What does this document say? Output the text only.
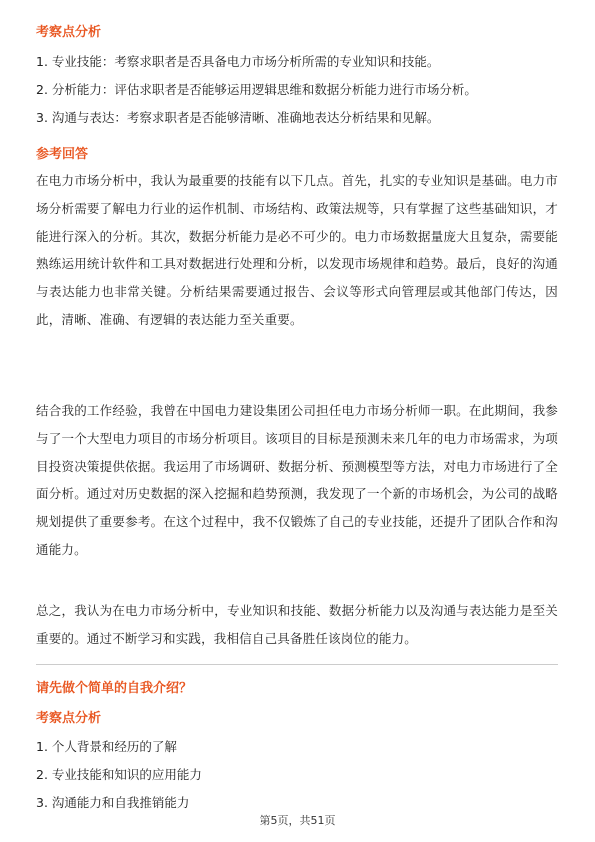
考察点分析
1. 专业技能：考察求职者是否具备电力市场分析所需的专业知识和技能。
2. 分析能力：评估求职者是否能够运用逻辑思维和数据分析能力进行市场分析。
3. 沟通与表达：考察求职者是否能够清晰、准确地表达分析结果和见解。
参考回答
在电力市场分析中，我认为最重要的技能有以下几点。首先，扎实的专业知识是基础。电力市场分析需要了解电力行业的运作机制、市场结构、政策法规等，只有掌握了这些基础知识，才能进行深入的分析。其次，数据分析能力是必不可少的。电力市场数据量庞大且复杂，需要能熟练运用统计软件和工具对数据进行处理和分析，以发现市场规律和趋势。最后，良好的沟通与表达能力也非常关键。分析结果需要通过报告、会议等形式向管理层或其他部门传达，因此，清晰、准确、有逻辑的表达能力至关重要。
结合我的工作经验，我曾在中国电力建设集团公司担任电力市场分析师一职。在此期间，我参与了一个大型电力项目的市场分析项目。该项目的目标是预测未来几年的电力市场需求，为项目投资决策提供依据。我运用了市场调研、数据分析、预测模型等方法，对电力市场进行了全面分析。通过对历史数据的深入挖掘和趋势预测，我发现了一个新的市场机会，为公司的战略规划提供了重要参考。在这个过程中，我不仅锻炼了自己的专业技能，还提升了团队合作和沟通能力。
总之，我认为在电力市场分析中，专业知识和技能、数据分析能力以及沟通与表达能力是至关重要的。通过不断学习和实践，我相信自己具备胜任该岗位的能力。
请先做个简单的自我介绍？
考察点分析
1. 个人背景和经历的了解
2. 专业技能和知识的应用能力
3. 沟通能力和自我推销能力
第5页，共51页
